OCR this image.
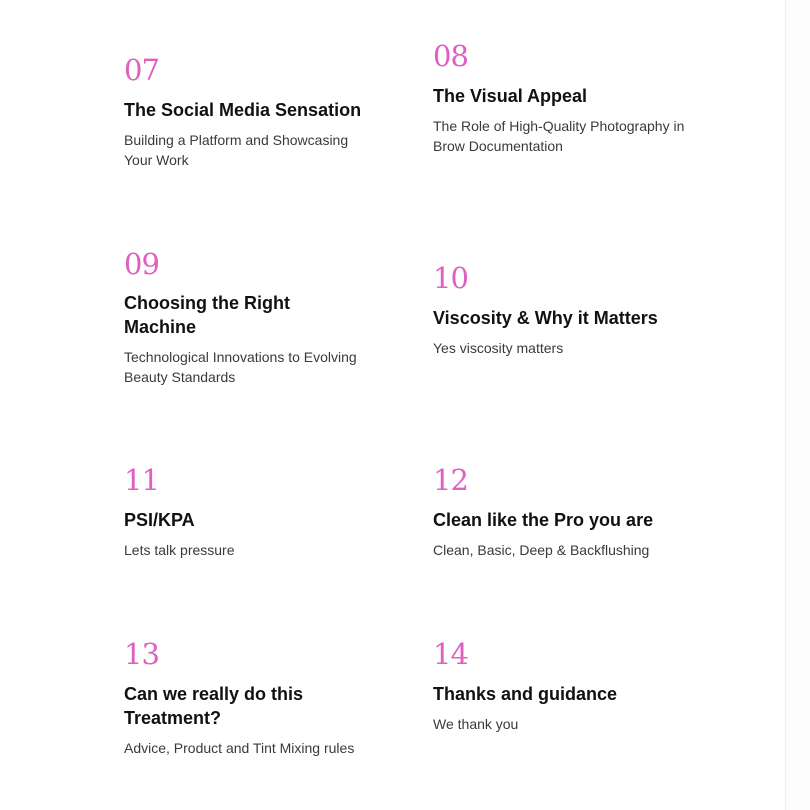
07
The Social Media Sensation
Building a Platform and Showcasing Your Work
08
The Visual Appeal
The Role of High-Quality Photography in Brow Documentation
09
Choosing the Right Machine
Technological Innovations to Evolving Beauty Standards
10
Viscosity & Why it Matters
Yes viscosity matters
11
PSI/KPA
Lets talk pressure
12
Clean like the Pro you are
Clean, Basic, Deep & Backflushing
13
Can we really do this Treatment?
Advice, Product and Tint Mixing rules
14
Thanks and guidance
We thank you
